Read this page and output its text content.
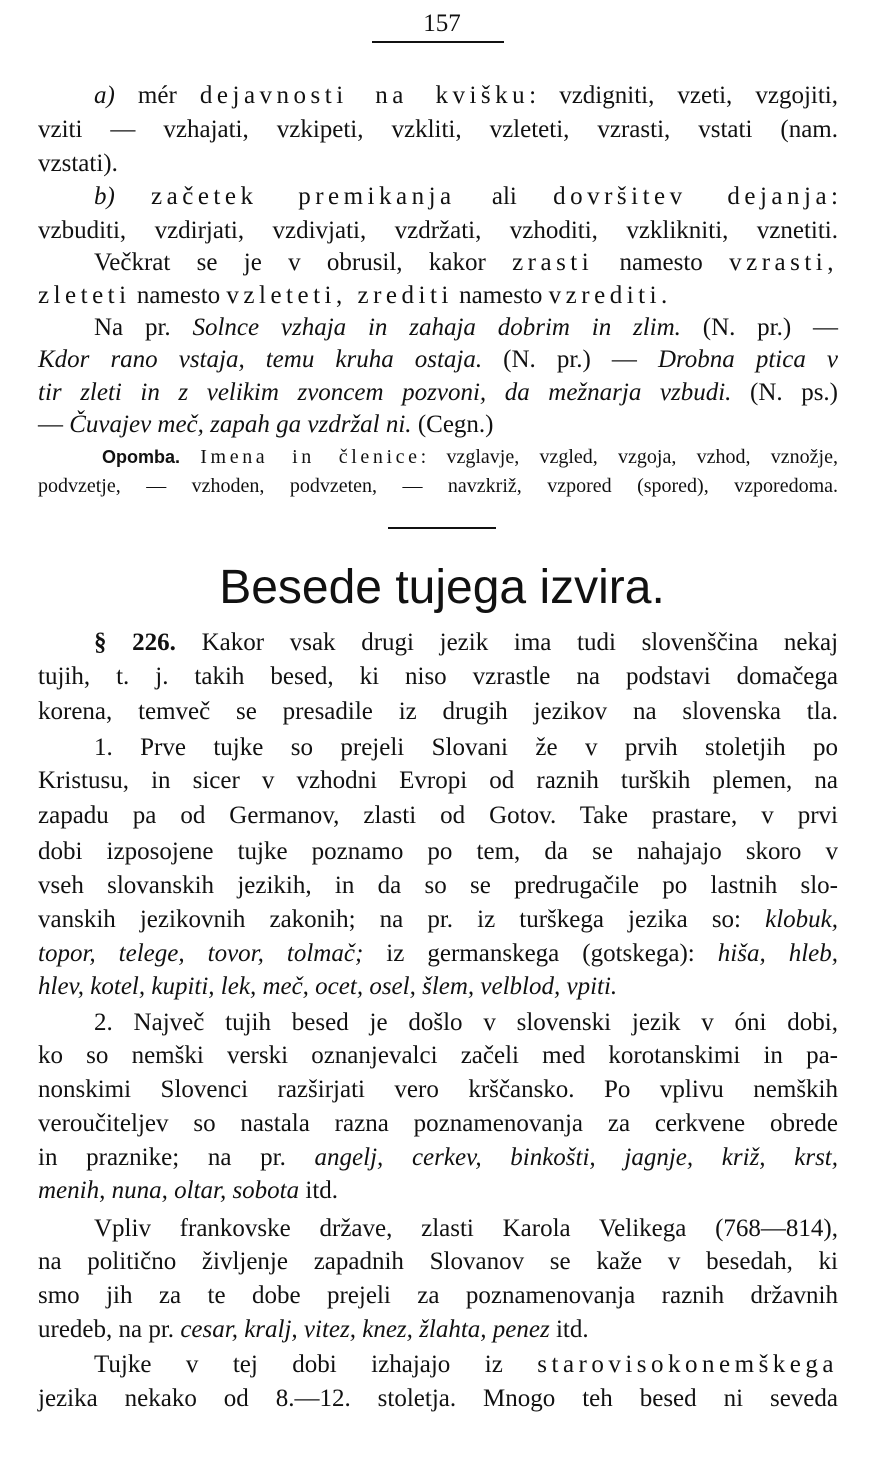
157
a) mér dejavnosti na kvišku: vzdigniti, vzeti, vzgojiti,
vziti — vzhajati, vzkipeti, vzkliti, vzleteti, vzrasti, vstati (nam.
vzstati).
b) začetek premikanja ali dovršitev dejanja:
vzbuditi, vzdirjati, vzdivjati, vzdržati, vzhoditi, vzklikniti, vznetiti.
Večkrat se je v obrusil, kakor zrasti namesto vzrasti,
zleteti namesto vzleteti, zrediti namesto vzrediti.
Na pr. Solnce vzhaja in zahaja dobrim in zlim. (N. pr.) —
Kdor rano vstaja, temu kruha ostaja. (N. pr.) — Drobna ptica v
tir zleti in z velikim zvoncem pozvoni, da mežnarja vzbudi. (N. ps.)
— Čuvajev meč, zapah ga vzdržal ni. (Cegn.)
Opomba. Imena in členice: vzglavje, vzgled, vzgoja, vzhod, vznožje,
podvzetje, — vzhoden, podvzeten, — navzkriž, vzpored (spored), vzporedoma.
Besede tujega izvira.
§ 226. Kakor vsak drugi jezik ima tudi slovenščina nekaj
tujih, t. j. takih besed, ki niso vzrastle na podstavi domačega
korena, temveč se presadile iz drugih jezikov na slovenska tla.
1. Prve tujke so prejeli Slovani že v prvih stoletjih po
Kristusu, in sicer v vzhodni Evropi od raznih turških plemen, na
zapadu pa od Germanov, zlasti od Gotov. Take prastare, v prvi
dobi izposojene tujke poznamo po tem, da se nahajajo skoro v
vseh slovanskih jezikih, in da so se predrugačile po lastnih slo-
vanskih jezikovnih zakonih; na pr. iz turškega jezika so: klobuk,
topor, telege, tovor, tolmač; iz germanskega (gotskega): hiša, hleb,
hlev, kotel, kupiti, lek, meč, ocet, osel, šlem, velblod, vpiti.
2. Največ tujih besed je došlo v slovenski jezik v óni dobi,
ko so nemški verski oznanjevalci začeli med korotanskimi in pa-
nonskimi Slovenci razširjati vero krščansko. Po vplivu nemških
veroučiteljev so nastala razna poznamenovanja za cerkvene obrede
in praznike; na pr. angelj, cerkev, binkošti, jagnje, križ, krst,
menih, nuna, oltar, sobota itd.
Vpliv frankovske države, zlasti Karola Velikega (768—814),
na politično življenje zapadnih Slovanov se kaže v besedah, ki
smo jih za te dobe prejeli za poznamenovanja raznih državnih
uredeb, na pr. cesar, kralj, vitez, knez, žlahta, penez itd.
Tujke v tej dobi izhajajo iz starovisokonemškega
jezika nekako od 8.—12. stoletja. Mnogo teh besed ni seveda
